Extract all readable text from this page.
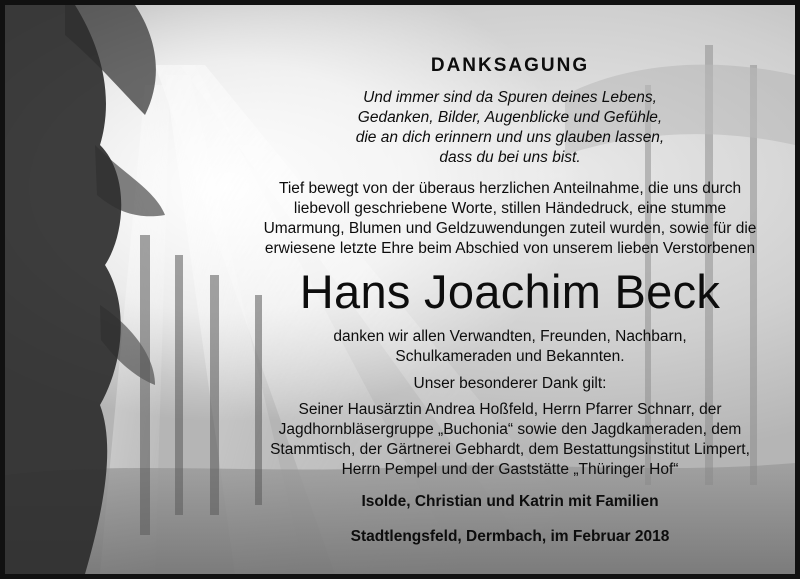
DANKSAGUNG
Und immer sind da Spuren deines Lebens,
Gedanken, Bilder, Augenblicke und Gefühle,
die an dich erinnern und uns glauben lassen,
dass du bei uns bist.
Tief bewegt von der überaus herzlichen Anteilnahme, die uns durch
liebevoll geschriebene Worte, stillen Händedruck, eine stumme
Umarmung, Blumen und Geldzuwendungen zuteil wurden, sowie für die
erwiesene letzte Ehre beim Abschied von unserem lieben Verstorbenen
Hans Joachim Beck
danken wir allen Verwandten, Freunden, Nachbarn,
Schulkameraden und Bekannten.
Unser besonderer Dank gilt:
Seiner Hausärztin Andrea Hoßfeld, Herrn Pfarrer Schnarr, der
Jagdhornbläsergruppe „Buchonia“ sowie den Jagdkameraden, dem
Stammtisch, der Gärtnerei Gebhardt, dem Bestattungsinstitut Limpert,
Herrn Pempel und der Gaststätte „Thüringer Hof“
Isolde, Christian und Katrin mit Familien
Stadtlengsfeld, Dermbach, im Februar 2018
